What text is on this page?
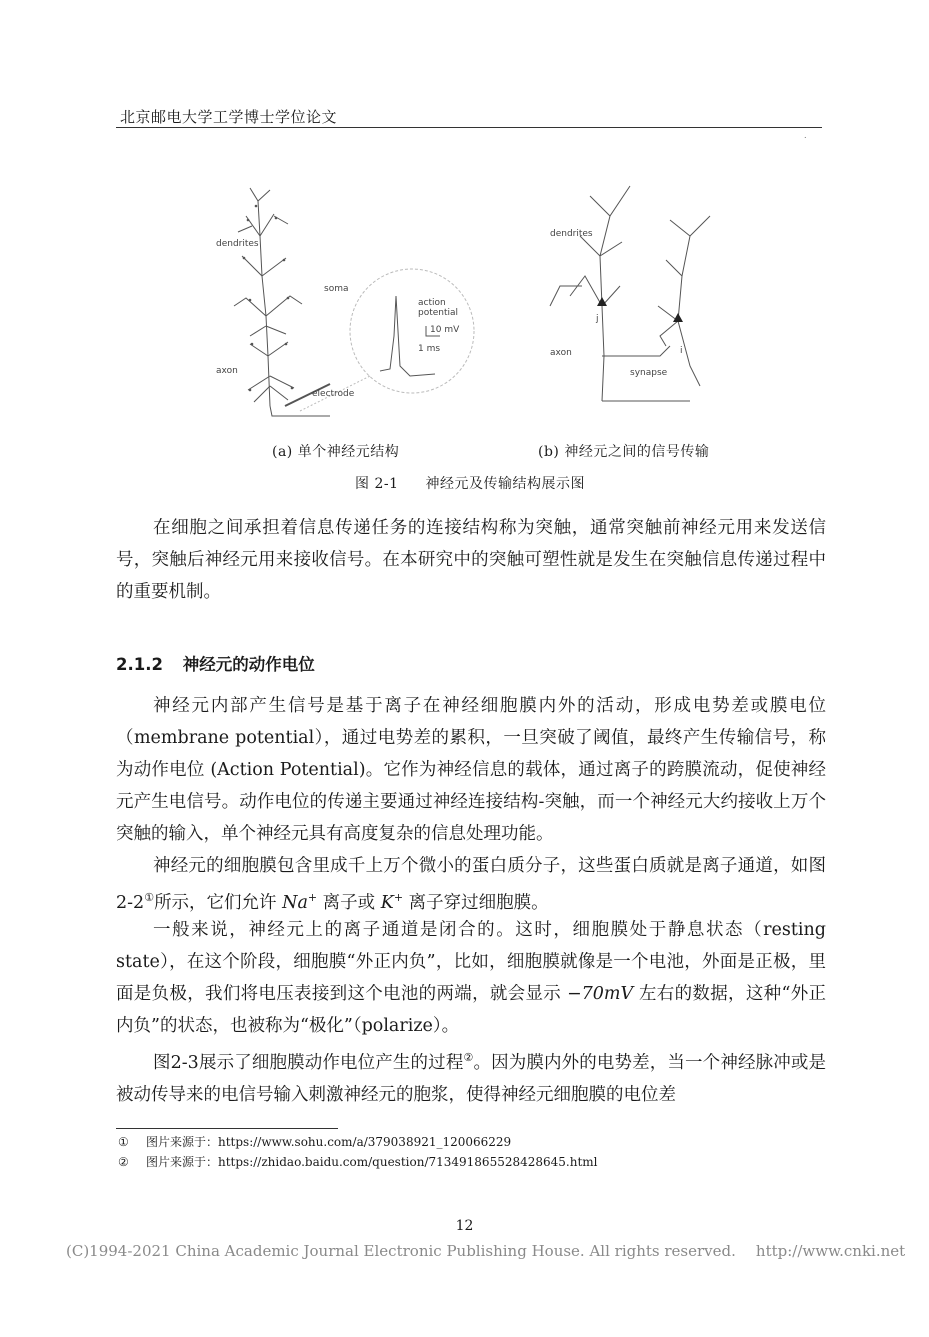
北京邮电大学工学博士学位论文
.
dendrites
soma
action
potential
10 mV
1 ms
axon
electrode
dendrites
axon
synapse
j
i
(a) 单个神经元结构	(b) 神经元之间的信号传输
图 2-1 神经元及传输结构展示图

在细胞之间承担着信息传递任务的连接结构称为突触，通常突触前神经元用来发送信号，突触后神经元用来接收信号。在本研究中的突触可塑性就是发生在突触信息传递过程中的重要机制。

2.1.2 神经元的动作电位

神经元内部产生信号是基于离子在神经细胞膜内外的活动，形成电势差或膜电位（membrane potential），通过电势差的累积，一旦突破了阈值，最终产生传输信号，称为动作电位 (Action Potential)。它作为神经信息的载体，通过离子的跨膜流动，促使神经元产生电信号。动作电位的传递主要通过神经连接结构-突触，而一个神经元大约接收上万个突触的输入，单个神经元具有高度复杂的信息处理功能。

神经元的细胞膜包含里成千上万个微小的蛋白质分子，这些蛋白质就是离子通道，如图2-2①所示，它们允许 Na+ 离子或 K+ 离子穿过细胞膜。

一般来说，神经元上的离子通道是闭合的。这时，细胞膜处于静息状态（resting state），在这个阶段，细胞膜“外正内负”，比如，细胞膜就像是一个电池，外面是正极，里面是负极，我们将电压表接到这个电池的两端，就会显示 −70mV 左右的数据，这种“外正内负”的状态，也被称为“极化”（polarize）。

图2-3展示了细胞膜动作电位产生的过程②。因为膜内外的电势差，当一个神经脉冲或是被动传导来的电信号输入刺激神经元的胞浆，使得神经元细胞膜的电位差

① 图片来源于：https://www.sohu.com/a/379038921_120066229
② 图片来源于：https://zhidao.baidu.com/question/713491865528428645.html
12
(C)1994-2021 China Academic Journal Electronic Publishing House. All rights reserved. http://www.cnki.net
